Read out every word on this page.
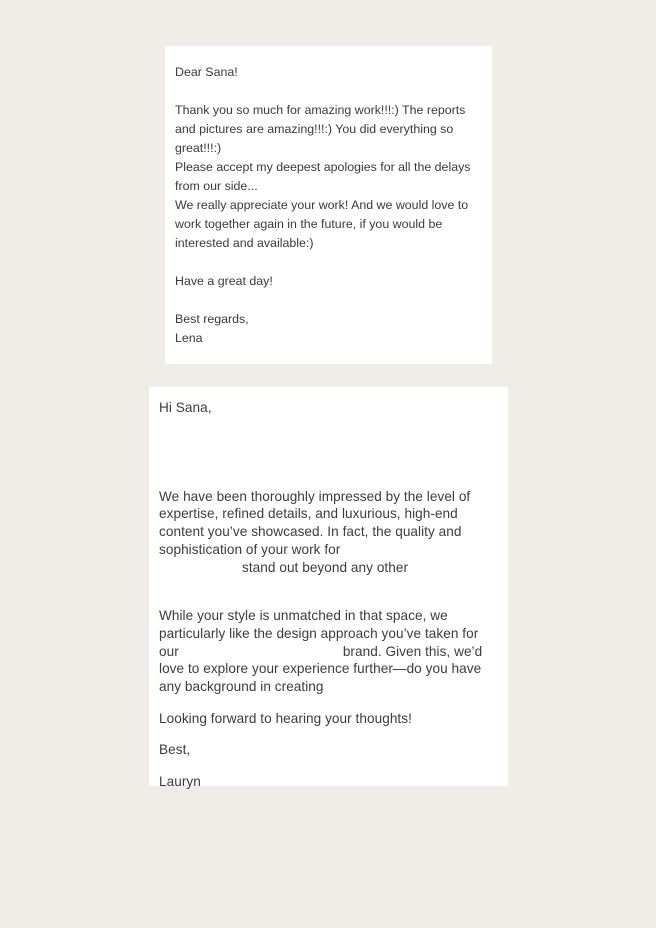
Dear Sana!
Thank you so much for amazing work!!!:) The reports
and pictures are amazing!!!:) You did everything so
great!!!:)
Please accept my deepest apologies for all the delays
from our side...
We really appreciate your work! And we would love to
work together again in the future, if you would be
interested and available:)
Have a great day!
Best regards,
Lena
Hi Sana,
We have been thoroughly impressed by the level of
expertise, refined details, and luxurious, high-end
content you’ve showcased. In fact, the quality and
sophistication of your work for
stand out beyond any other
While your style is unmatched in that space, we
particularly like the design approach you’ve taken for
our	brand. Given this, we’d
love to explore your experience further—do you have
any background in creating
Looking forward to hearing your thoughts!
Best,
Lauryn
